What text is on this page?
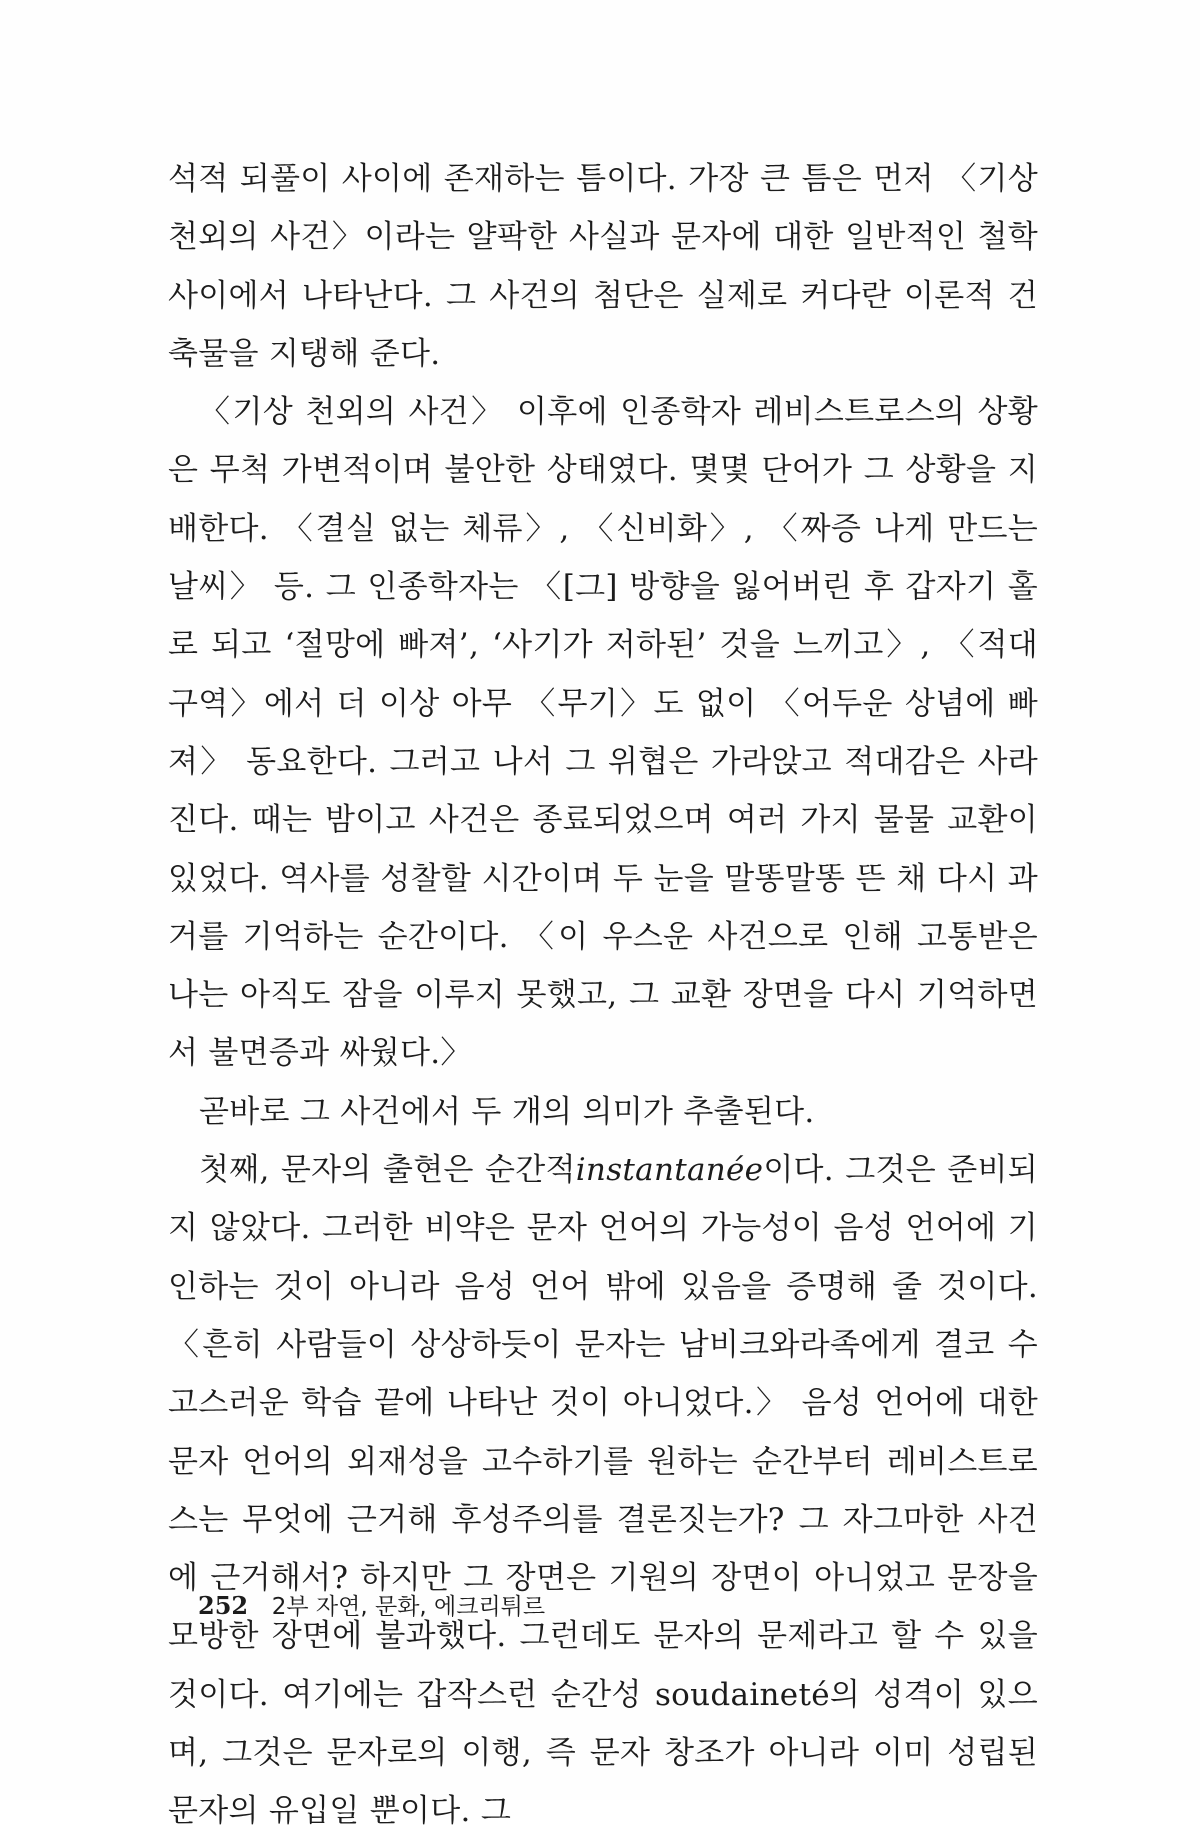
석적 되풀이 사이에 존재하는 틈이다. 가장 큰 틈은 먼저 〈기상 천외의 사건〉이라는 얄팍한 사실과 문자에 대한 일반적인 철학 사이에서 나타난다. 그 사건의 첨단은 실제로 커다란 이론적 건축물을 지탱해 준다.

〈기상 천외의 사건〉 이후에 인종학자 레비스트로스의 상황은 무척 가변적이며 불안한 상태였다. 몇몇 단어가 그 상황을 지배한다. 〈결실 없는 체류〉, 〈신비화〉, 〈짜증 나게 만드는 날씨〉 등. 그 인종학자는 〈[그] 방향을 잃어버린 후 갑자기 홀로 되고 ‘절망에 빠져’, ‘사기가 저하된’ 것을 느끼고〉, 〈적대 구역〉에서 더 이상 아무 〈무기〉도 없이 〈어두운 상념에 빠져〉 동요한다. 그러고 나서 그 위협은 가라앉고 적대감은 사라진다. 때는 밤이고 사건은 종료되었으며 여러 가지 물물 교환이 있었다. 역사를 성찰할 시간이며 두 눈을 말똥말똥 뜬 채 다시 과거를 기억하는 순간이다. 〈이 우스운 사건으로 인해 고통받은 나는 아직도 잠을 이루지 못했고, 그 교환 장면을 다시 기억하면서 불면증과 싸웠다.〉

곧바로 그 사건에서 두 개의 의미가 추출된다.

첫째, 문자의 출현은 순간적instantanée이다. 그것은 준비되지 않았다. 그러한 비약은 문자 언어의 가능성이 음성 언어에 기인하는 것이 아니라 음성 언어 밖에 있음을 증명해 줄 것이다. 〈흔히 사람들이 상상하듯이 문자는 남비크와라족에게 결코 수고스러운 학습 끝에 나타난 것이 아니었다.〉 음성 언어에 대한 문자 언어의 외재성을 고수하기를 원하는 순간부터 레비스트로스는 무엇에 근거해 후성주의를 결론짓는가? 그 자그마한 사건에 근거해서? 하지만 그 장면은 기원의 장면이 아니었고 문장을 모방한 장면에 불과했다. 그런데도 문자의 문제라고 할 수 있을 것이다. 여기에는 갑작스런 순간성 soudaineté의 성격이 있으며, 그것은 문자로의 이행, 즉 문자 창조가 아니라 이미 성립된 문자의 유입일 뿐이다. 그

252 2부 자연, 문화, 에크리튀르
